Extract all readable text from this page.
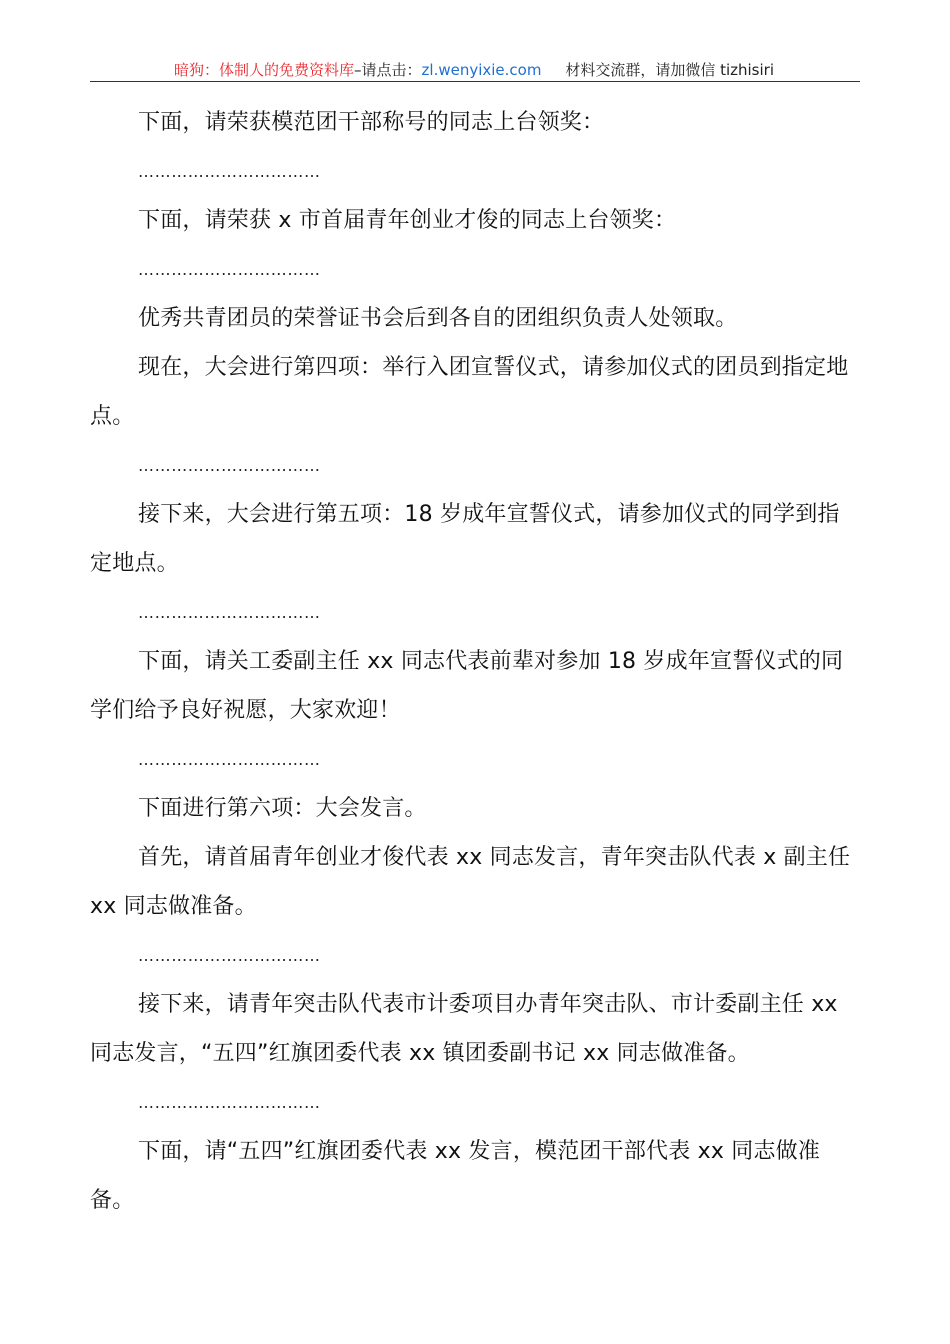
暗狗：体制人的免费资料库–请点击：zl.wenyixie.com 材料交流群，请加微信 tizhisiri

下面，请荣获模范团干部称号的同志上台领奖：

……………………………

下面，请荣获 x 市首届青年创业才俊的同志上台领奖：

……………………………

优秀共青团员的荣誉证书会后到各自的团组织负责人处领取。

现在，大会进行第四项：举行入团宣誓仪式，请参加仪式的团员到指定地点。

……………………………

接下来，大会进行第五项：18 岁成年宣誓仪式，请参加仪式的同学到指定地点。

……………………………

下面，请关工委副主任 xx 同志代表前辈对参加 18 岁成年宣誓仪式的同学们给予良好祝愿，大家欢迎！

……………………………

下面进行第六项：大会发言。

首先，请首届青年创业才俊代表 xx 同志发言，青年突击队代表 x 副主任 xx 同志做准备。

……………………………

接下来，请青年突击队代表市计委项目办青年突击队、市计委副主任 xx 同志发言，“五四”红旗团委代表 xx 镇团委副书记 xx 同志做准备。

……………………………

下面，请“五四”红旗团委代表 xx 发言，模范团干部代表 xx 同志做准备。
